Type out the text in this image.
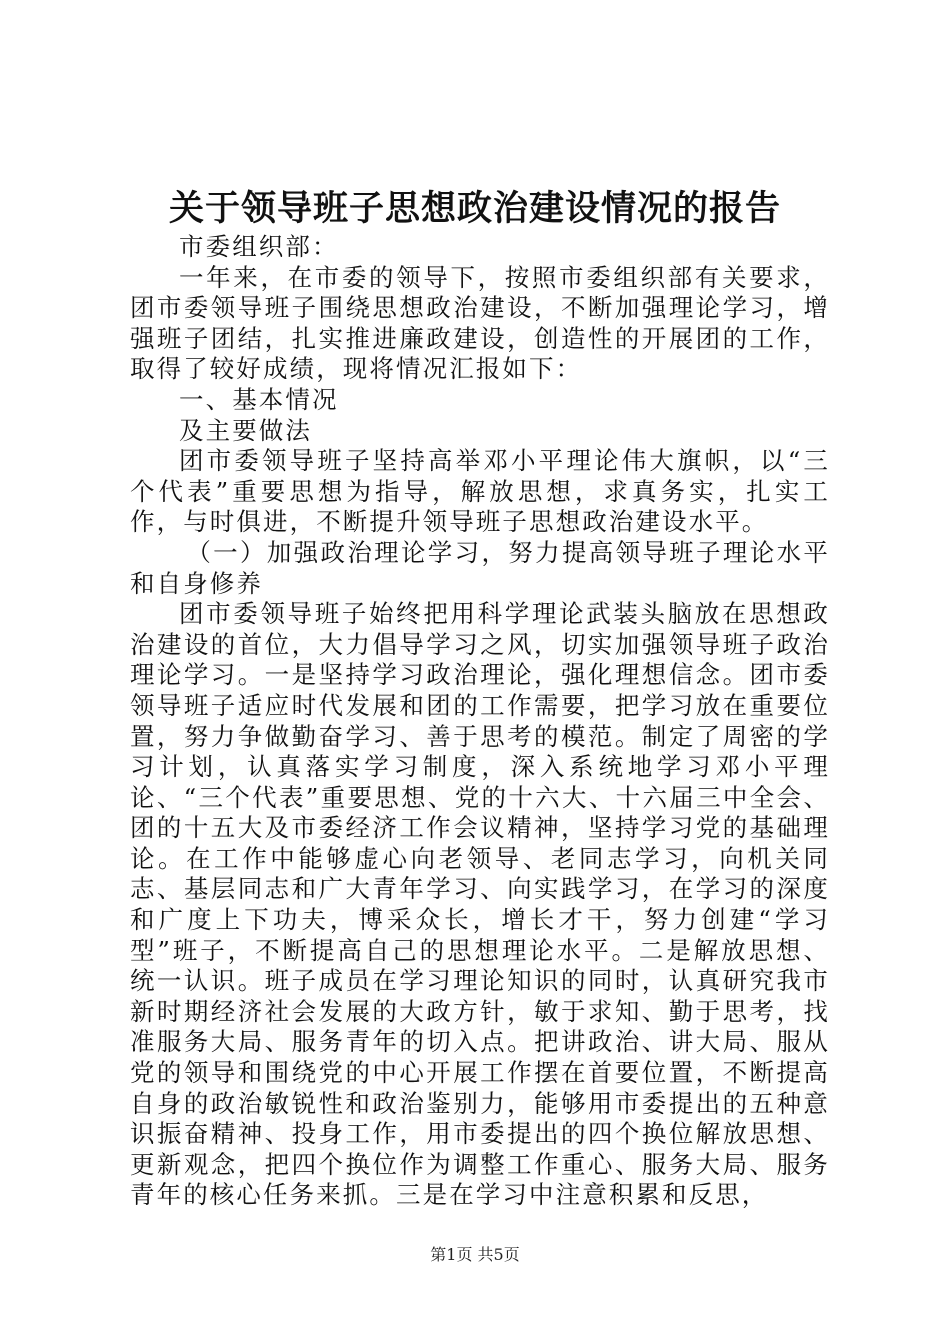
关于领导班子思想政治建设情况的报告

市委组织部：

一年来，在市委的领导下，按照市委组织部有关要求，团市委领导班子围绕思想政治建设，不断加强理论学习，增强班子团结，扎实推进廉政建设，创造性的开展团的工作，取得了较好成绩，现将情况汇报如下：

一、基本情况

及主要做法

团市委领导班子坚持高举邓小平理论伟大旗帜，以“三个代表”重要思想为指导，解放思想，求真务实，扎实工作，与时俱进，不断提升领导班子思想政治建设水平。

（一）加强政治理论学习，努力提高领导班子理论水平和自身修养

团市委领导班子始终把用科学理论武装头脑放在思想政治建设的首位，大力倡导学习之风，切实加强领导班子政治理论学习。一是坚持学习政治理论，强化理想信念。团市委领导班子适应时代发展和团的工作需要，把学习放在重要位置，努力争做勤奋学习、善于思考的模范。制定了周密的学习计划，认真落实学习制度，深入系统地学习邓小平理论、“三个代表”重要思想、党的十六大、十六届三中全会、团的十五大及市委经济工作会议精神，坚持学习党的基础理论。在工作中能够虚心向老领导、老同志学习，向机关同志、基层同志和广大青年学习、向实践学习，在学习的深度和广度上下功夫，博采众长，增长才干，努力创建“学习型”班子，不断提高自己的思想理论水平。二是解放思想、统一认识。班子成员在学习理论知识的同时，认真研究我市新时期经济社会发展的大政方针，敏于求知、勤于思考，找准服务大局、服务青年的切入点。把讲政治、讲大局、服从党的领导和围绕党的中心开展工作摆在首要位置，不断提高自身的政治敏锐性和政治鉴别力，能够用市委提出的五种意识振奋精神、投身工作，用市委提出的四个换位解放思想、更新观念，把四个换位作为调整工作重心、服务大局、服务青年的核心任务来抓。三是在学习中注意积累和反思，

第1页 共5页
